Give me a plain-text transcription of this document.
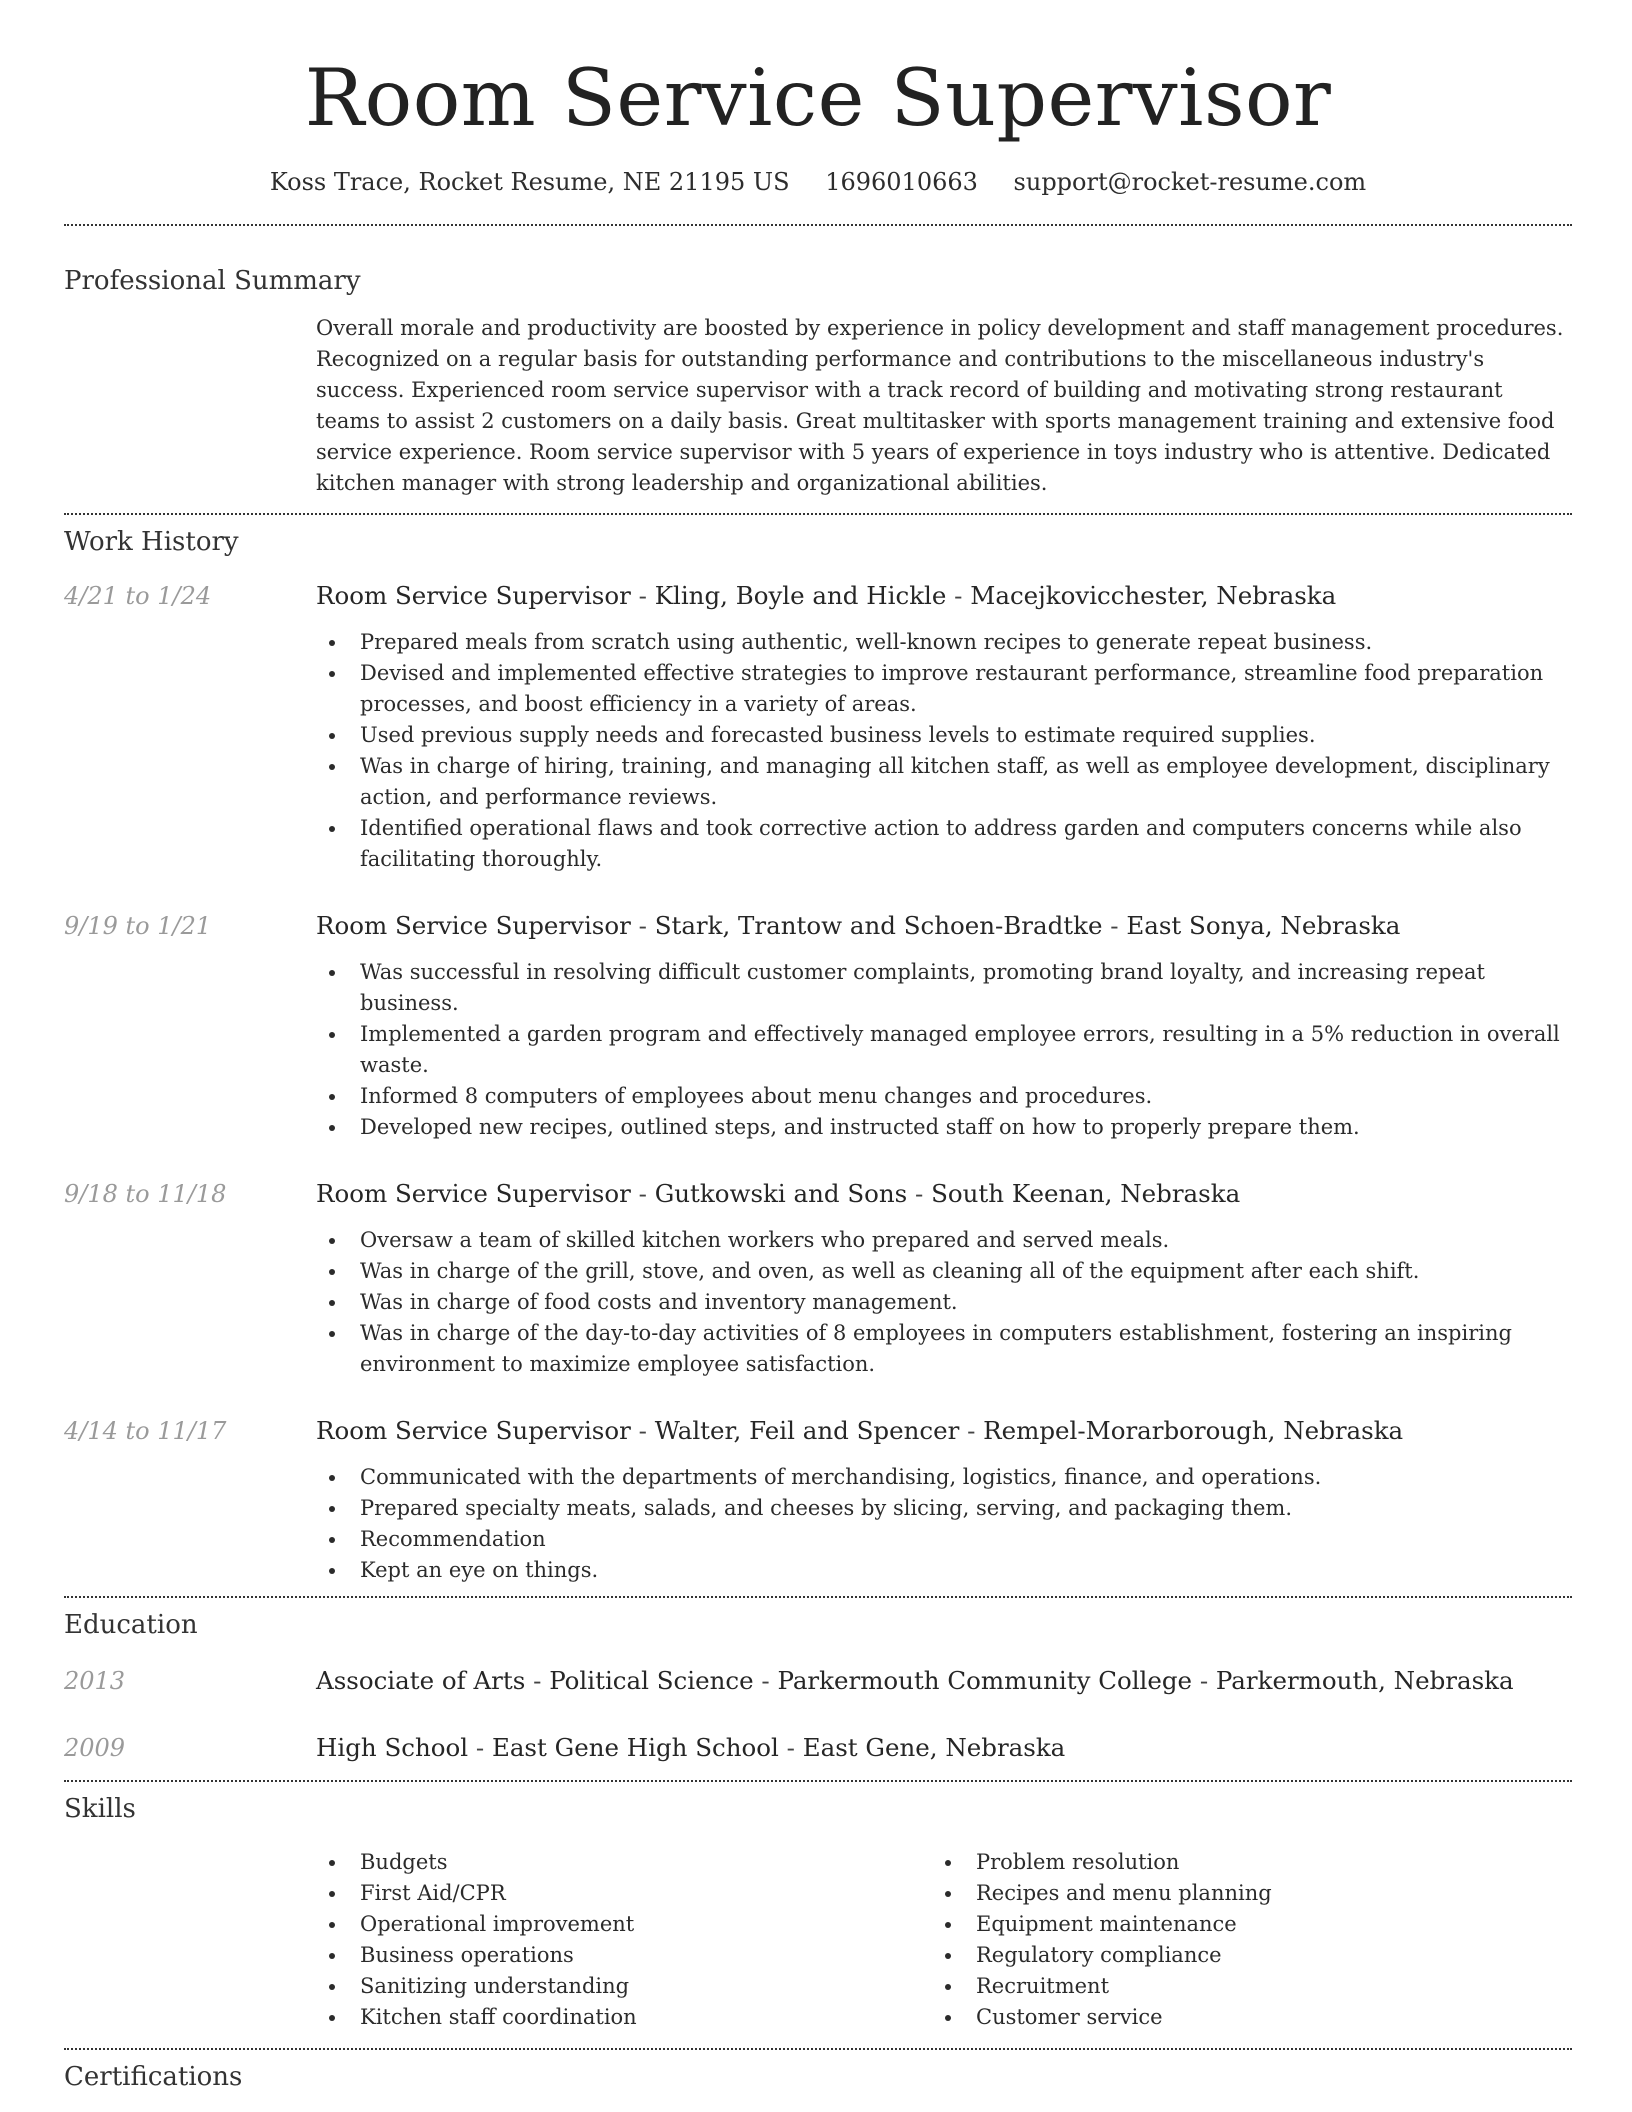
Room Service Supervisor
Koss Trace, Rocket Resume, NE 21195 US 1696010663 support@rocket-resume.com
Professional Summary
Overall morale and productivity are boosted by experience in policy development and staff management procedures. Recognized on a regular basis for outstanding performance and contributions to the miscellaneous industry's success. Experienced room service supervisor with a track record of building and motivating strong restaurant teams to assist 2 customers on a daily basis. Great multitasker with sports management training and extensive food service experience. Room service supervisor with 5 years of experience in toys industry who is attentive. Dedicated kitchen manager with strong leadership and organizational abilities.
Work History
4/21 to 1/24	Room Service Supervisor - Kling, Boyle and Hickle - Macejkovicchester, Nebraska
Prepared meals from scratch using authentic, well-known recipes to generate repeat business.
Devised and implemented effective strategies to improve restaurant performance, streamline food preparation processes, and boost efficiency in a variety of areas.
Used previous supply needs and forecasted business levels to estimate required supplies.
Was in charge of hiring, training, and managing all kitchen staff, as well as employee development, disciplinary action, and performance reviews.
Identified operational flaws and took corrective action to address garden and computers concerns while also facilitating thoroughly.
9/19 to 1/21	Room Service Supervisor - Stark, Trantow and Schoen-Bradtke - East Sonya, Nebraska
Was successful in resolving difficult customer complaints, promoting brand loyalty, and increasing repeat business.
Implemented a garden program and effectively managed employee errors, resulting in a 5% reduction in overall waste.
Informed 8 computers of employees about menu changes and procedures.
Developed new recipes, outlined steps, and instructed staff on how to properly prepare them.
9/18 to 11/18	Room Service Supervisor - Gutkowski and Sons - South Keenan, Nebraska
Oversaw a team of skilled kitchen workers who prepared and served meals.
Was in charge of the grill, stove, and oven, as well as cleaning all of the equipment after each shift.
Was in charge of food costs and inventory management.
Was in charge of the day-to-day activities of 8 employees in computers establishment, fostering an inspiring environment to maximize employee satisfaction.
4/14 to 11/17	Room Service Supervisor - Walter, Feil and Spencer - Rempel-Morarborough, Nebraska
Communicated with the departments of merchandising, logistics, finance, and operations.
Prepared specialty meats, salads, and cheeses by slicing, serving, and packaging them.
Recommendation
Kept an eye on things.
Education
2013	Associate of Arts - Political Science - Parkermouth Community College - Parkermouth, Nebraska
2009	High School - East Gene High School - East Gene, Nebraska
Skills
Budgets
First Aid/CPR
Operational improvement
Business operations
Sanitizing understanding
Kitchen staff coordination
Problem resolution
Recipes and menu planning
Equipment maintenance
Regulatory compliance
Recruitment
Customer service
Certifications
